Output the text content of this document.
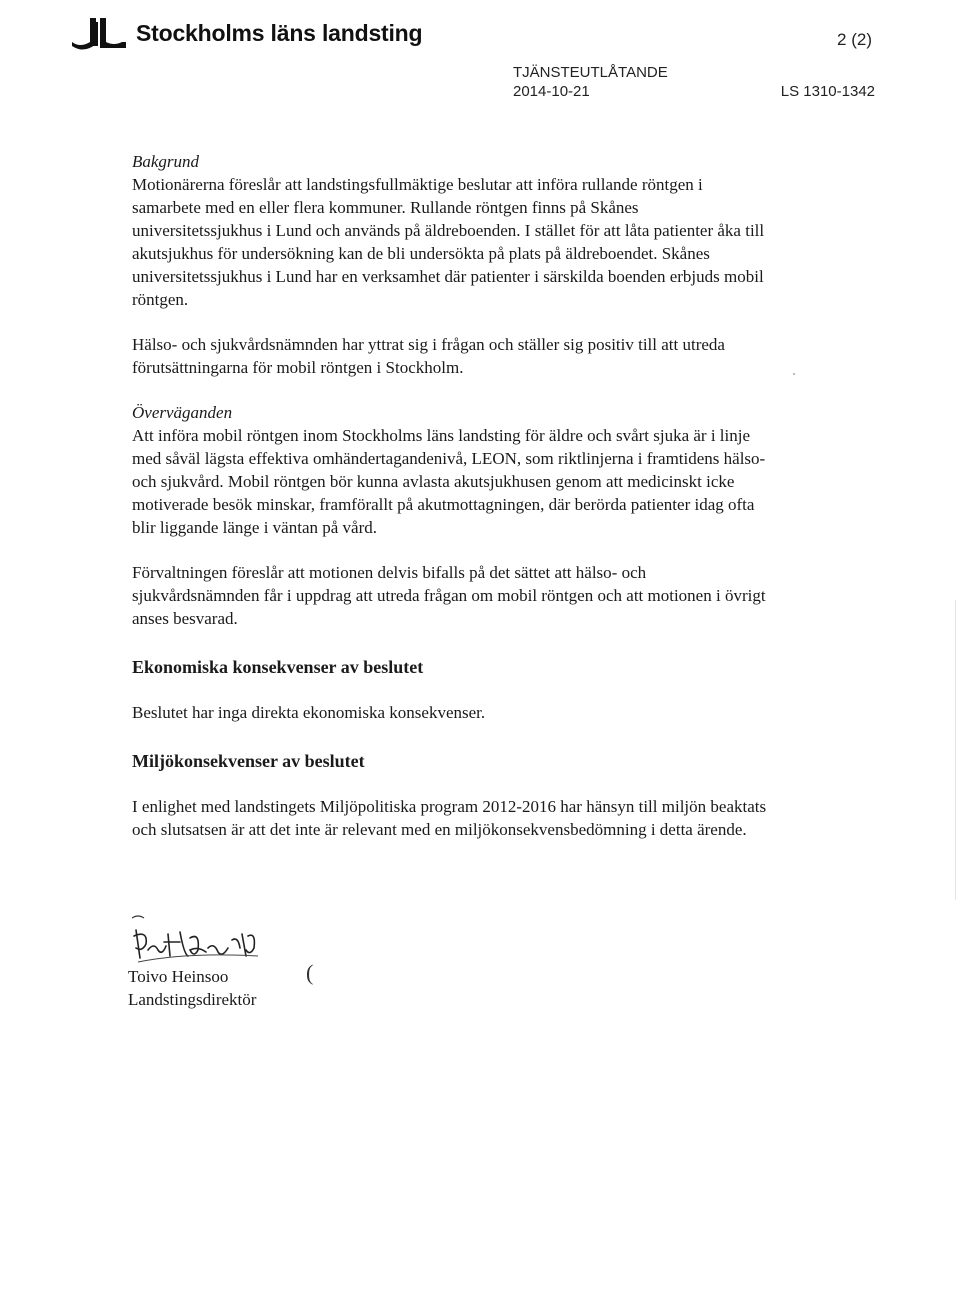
Stockholms läns landsting	2 (2)
TJÄNSTEUTLÅTANDE
2014-10-21	LS 1310-1342
Bakgrund

Motionärerna föreslår att landstingsfullmäktige beslutar att införa rullande röntgen i samarbete med en eller flera kommuner. Rullande röntgen finns på Skånes universitetssjukhus i Lund och används på äldreboenden. I stället för att låta patienter åka till akutsjukhus för undersökning kan de bli undersökta på plats på äldreboendet. Skånes universitetssjukhus i Lund har en verksamhet där patienter i särskilda boenden erbjuds mobil röntgen.

Hälso- och sjukvårdsnämnden har yttrat sig i frågan och ställer sig positiv till att utreda förutsättningarna för mobil röntgen i Stockholm.

Överväganden

Att införa mobil röntgen inom Stockholms läns landsting för äldre och svårt sjuka är i linje med såväl lägsta effektiva omhändertagandenivå, LEON, som riktlinjerna i framtidens hälso- och sjukvård. Mobil röntgen bör kunna avlasta akutsjukhusen genom att medicinskt icke motiverade besök minskar, framförallt på akutmottagningen, där berörda patienter idag ofta blir liggande länge i väntan på vård.

Förvaltningen föreslår att motionen delvis bifalls på det sättet att hälso- och sjukvårdsnämnden får i uppdrag att utreda frågan om mobil röntgen och att motionen i övrigt anses besvarad.

Ekonomiska konsekvenser av beslutet

Beslutet har inga direkta ekonomiska konsekvenser.

Miljökonsekvenser av beslutet

I enlighet med landstingets Miljöpolitiska program 2012-2016 har hänsyn till miljön beaktats och slutsatsen är att det inte är relevant med en miljökonsekvensbedömning i detta ärende.

Toivo Heinsoo
Landstingsdirektör
(
